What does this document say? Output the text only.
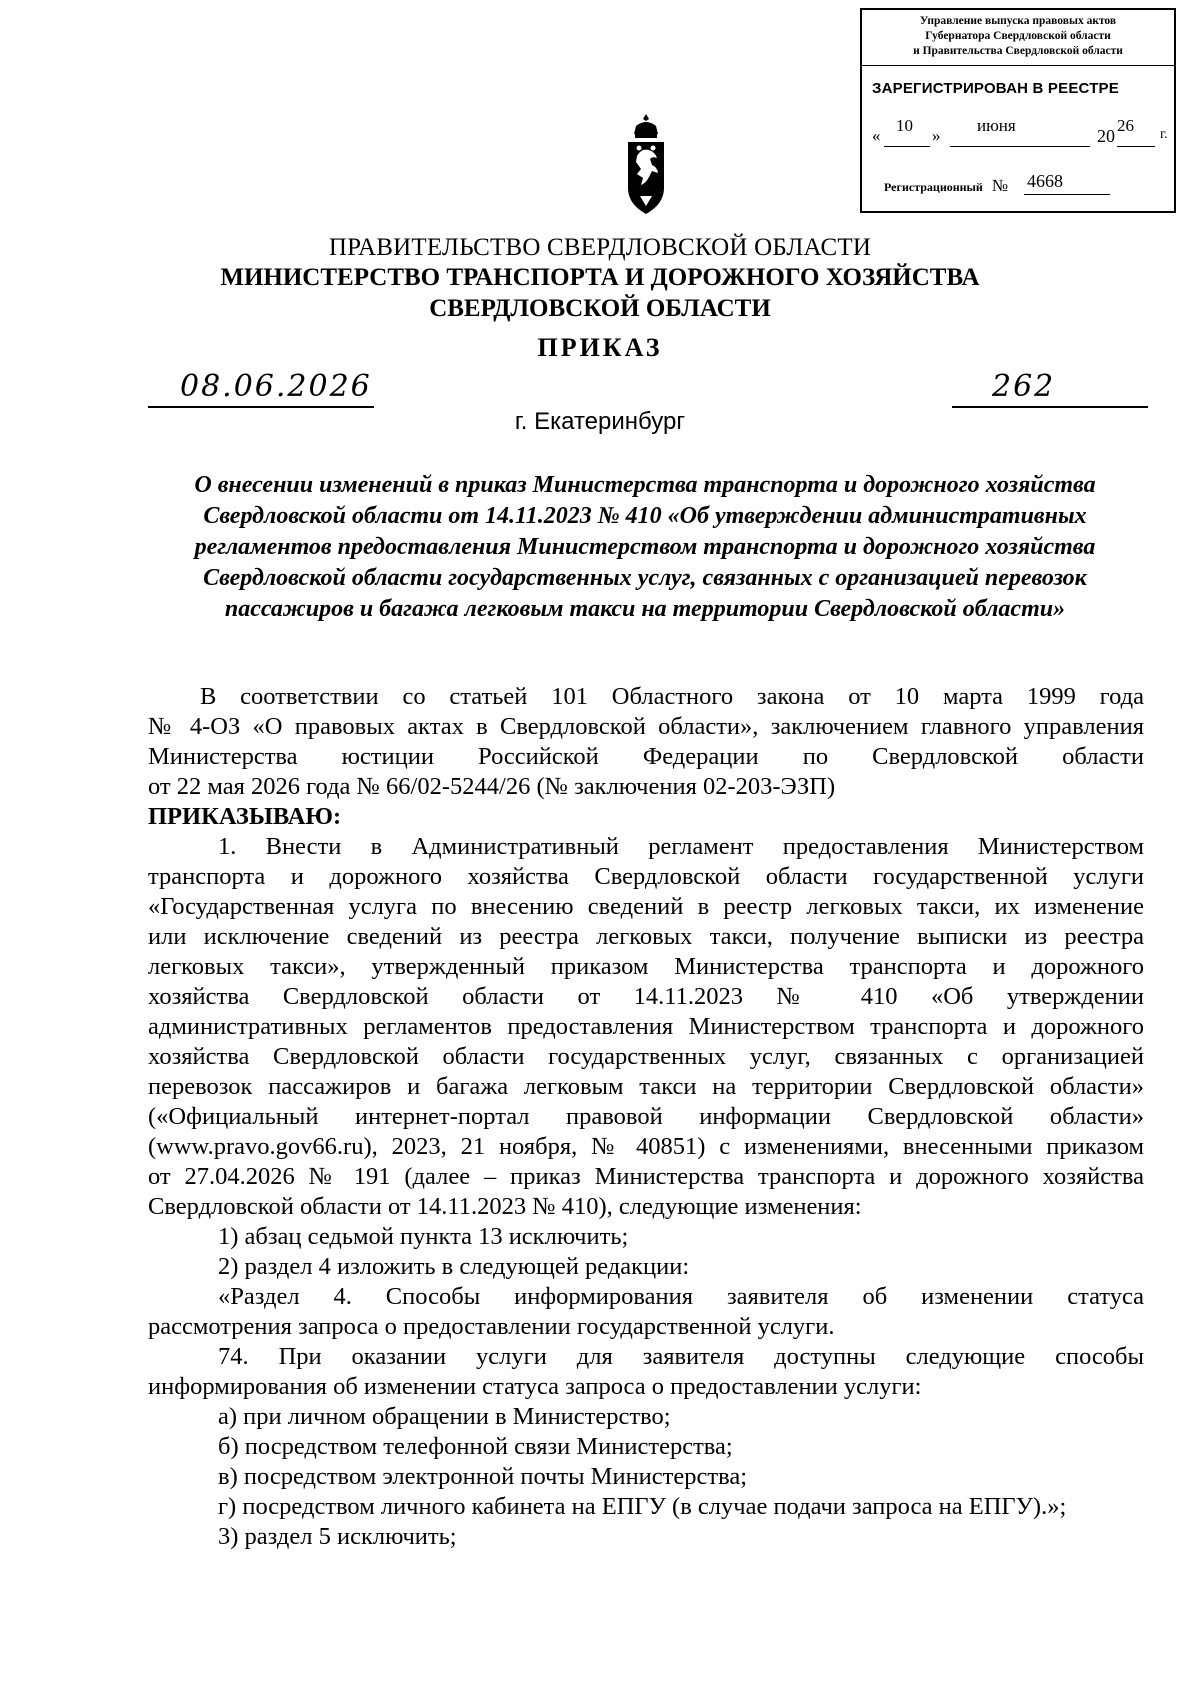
Управление выпуска правовых актов
Губернатора Свердловской области
и Правительства Свердловской области
ЗАРЕГИСТРИРОВАН В РЕЕСТРЕ
«
10
»
июня
20
26 г.
Регистрационный № 4668
ПРАВИТЕЛЬСТВО СВЕРДЛОВСКОЙ ОБЛАСТИ
МИНИСТЕРСТВО ТРАНСПОРТА И ДОРОЖНОГО ХОЗЯЙСТВА
СВЕРДЛОВСКОЙ ОБЛАСТИ
ПРИКАЗ
08.06.2026	262
г. Екатеринбург
О внесении изменений в приказ Министерства транспорта и дорожного хозяйства
Свердловской области от 14.11.2023 № 410 «Об утверждении административных
регламентов предоставления Министерством транспорта и дорожного хозяйства
Свердловской области государственных услуг, связанных с организацией перевозок
пассажиров и багажа легковым такси на территории Свердловской области»
В соответствии со статьей 101 Областного закона от 10 марта 1999 года
№ 4-ОЗ «О правовых актах в Свердловской области», заключением главного управления
Министерства юстиции Российской Федерации по Свердловской области
от 22 мая 2026 года № 66/02-5244/26 (№ заключения 02-203-ЭЗП)
ПРИКАЗЫВАЮ:
1. Внести в Административный регламент предоставления Министерством
транспорта и дорожного хозяйства Свердловской области государственной услуги
«Государственная услуга по внесению сведений в реестр легковых такси, их изменение
или исключение сведений из реестра легковых такси, получение выписки из реестра
легковых такси», утвержденный приказом Министерства транспорта и дорожного
хозяйства Свердловской области от 14.11.2023 № 410 «Об утверждении
административных регламентов предоставления Министерством транспорта и дорожного
хозяйства Свердловской области государственных услуг, связанных с организацией
перевозок пассажиров и багажа легковым такси на территории Свердловской области»
(«Официальный интернет-портал правовой информации Свердловской области»
(www.pravo.gov66.ru), 2023, 21 ноября, № 40851) с изменениями, внесенными приказом
от 27.04.2026 № 191 (далее – приказ Министерства транспорта и дорожного хозяйства
Свердловской области от 14.11.2023 № 410), следующие изменения:
1) абзац седьмой пункта 13 исключить;
2) раздел 4 изложить в следующей редакции:
«Раздел 4. Способы информирования заявителя об изменении статуса
рассмотрения запроса о предоставлении государственной услуги.
74. При оказании услуги для заявителя доступны следующие способы
информирования об изменении статуса запроса о предоставлении услуги:
а) при личном обращении в Министерство;
б) посредством телефонной связи Министерства;
в) посредством электронной почты Министерства;
г) посредством личного кабинета на ЕПГУ (в случае подачи запроса на ЕПГУ).»;
3) раздел 5 исключить;
